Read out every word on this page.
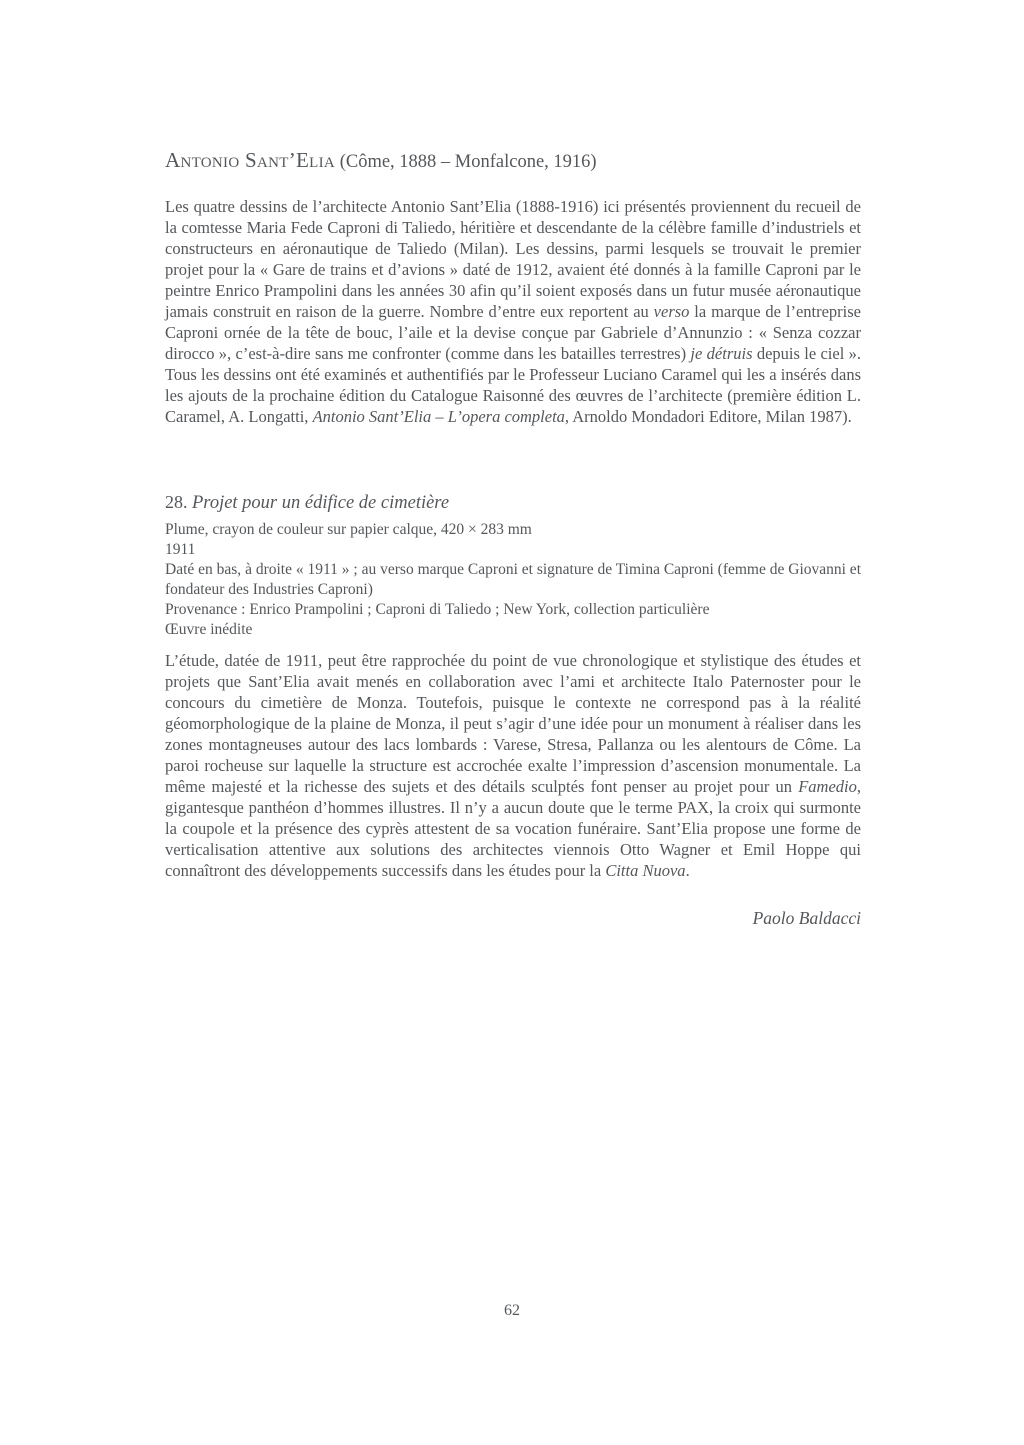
Antonio Sant’Elia (Côme, 1888 – Monfalcone, 1916)

Les quatre dessins de l’architecte Antonio Sant’Elia (1888-1916) ici présentés proviennent du recueil de la comtesse Maria Fede Caproni di Taliedo, héritière et descendante de la célèbre famille d’industriels et constructeurs en aéronautique de Taliedo (Milan). Les dessins, parmi lesquels se trouvait le premier projet pour la « Gare de trains et d’avions » daté de 1912, avaient été donnés à la famille Caproni par le peintre Enrico Prampolini dans les années 30 afin qu’il soient exposés dans un futur musée aéronautique jamais construit en raison de la guerre. Nombre d’entre eux reportent au verso la marque de l’entreprise Caproni ornée de la tête de bouc, l’aile et la devise conçue par Gabriele d’Annunzio : « Senza cozzar dirocco », c’est-à-dire sans me confronter (comme dans les batailles terrestres) je détruis depuis le ciel ». Tous les dessins ont été examinés et authentifiés par le Professeur Luciano Caramel qui les a insérés dans les ajouts de la prochaine édition du Catalogue Raisonné des œuvres de l’architecte (première édition L. Caramel, A. Longatti, Antonio Sant’Elia – L’opera completa, Arnoldo Mondadori Editore, Milan 1987).

28. Projet pour un édifice de cimetière

Plume, crayon de couleur sur papier calque, 420 × 283 mm

1911

Daté en bas, à droite « 1911 » ; au verso marque Caproni et signature de Timina Caproni (femme de Giovanni et fondateur des Industries Caproni)

Provenance : Enrico Prampolini ; Caproni di Taliedo ; New York, collection particulière

Œuvre inédite

L’étude, datée de 1911, peut être rapprochée du point de vue chronologique et stylistique des études et projets que Sant’Elia avait menés en collaboration avec l’ami et architecte Italo Paternoster pour le concours du cimetière de Monza. Toutefois, puisque le contexte ne correspond pas à la réalité géomorphologique de la plaine de Monza, il peut s’agir d’une idée pour un monument à réaliser dans les zones montagneuses autour des lacs lombards : Varese, Stresa, Pallanza ou les alentours de Côme. La paroi rocheuse sur laquelle la structure est accrochée exalte l’impression d’ascension monumentale. La même majesté et la richesse des sujets et des détails sculptés font penser au projet pour un Famedio, gigantesque panthéon d’hommes illustres. Il n’y a aucun doute que le terme PAX, la croix qui surmonte la coupole et la présence des cyprès attestent de sa vocation funéraire. Sant’Elia propose une forme de verticalisation attentive aux solutions des architectes viennois Otto Wagner et Emil Hoppe qui connaîtront des développements successifs dans les études pour la Citta Nuova.

Paolo Baldacci
62
